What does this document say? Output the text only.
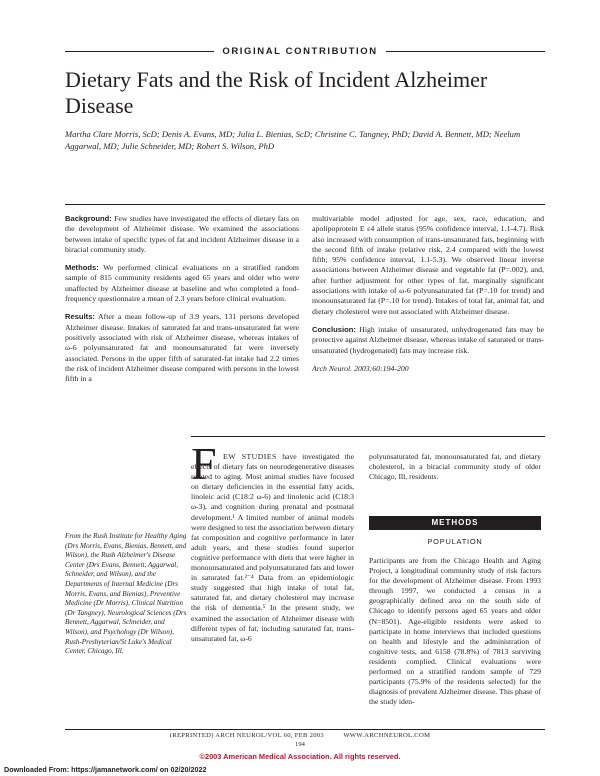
ORIGINAL CONTRIBUTION
Dietary Fats and the Risk of Incident Alzheimer Disease
Martha Clare Morris, ScD; Denis A. Evans, MD; Julia L. Bienias, ScD; Christine C. Tangney, PhD; David A. Bennett, MD; Neelum Aggarwal, MD; Julie Schneider, MD; Robert S. Wilson, PhD

Background: Few studies have investigated the effects of dietary fats on the development of Alzheimer disease. We examined the associations between intake of specific types of fat and incident Alzheimer disease in a biracial community study.

Methods: We performed clinical evaluations on a stratified random sample of 815 community residents aged 65 years and older who were unaffected by Alzheimer disease at baseline and who completed a food-frequency questionnaire a mean of 2.3 years before clinical evaluation.

Results: After a mean follow-up of 3.9 years, 131 persons developed Alzheimer disease. Intakes of saturated fat and trans-unsaturated fat were positively associated with risk of Alzheimer disease, whereas intakes of ω-6 polyunsaturated fat and monounsaturated fat were inversely associated. Persons in the upper fifth of saturated-fat intake had 2.2 times the risk of incident Alzheimer disease compared with persons in the lowest fifth in a

multivariable model adjusted for age, sex, race, education, and apolipoprotein E ε4 allele status (95% confidence interval, 1.1-4.7). Risk also increased with consumption of trans-unsaturated fats, beginning with the second fifth of intake (relative risk, 2.4 compared with the lowest fifth; 95% confidence interval, 1.1-5.3). We observed linear inverse associations between Alzheimer disease and vegetable fat (P=.002), and, after further adjustment for other types of fat, marginally significant associations with intake of ω-6 polyunsaturated fat (P=.10 for trend) and monounsaturated fat (P=.10 for trend). Intakes of total fat, animal fat, and dietary cholesterol were not associated with Alzheimer disease.

Conclusion: High intake of unsaturated, unhydrogenated fats may be protective against Alzheimer disease, whereas intake of saturated or trans-unsaturated (hydrogenated) fats may increase risk.

Arch Neurol. 2003;60:194-200

From the Rush Institute for Healthy Aging (Drs Morris, Evans, Bienias, Bennett, and Wilson), the Rush Alzheimer's Disease Center (Drs Evans, Bennett, Aggarwal, Schneider, and Wilson), and the Departments of Internal Medicine (Drs Morris, Evans, and Bienias), Preventive Medicine (Dr Morris), Clinical Nutrition (Dr Tangney), Neurological Sciences (Drs Bennett, Aggarwal, Schneider, and Wilson), and Psychology (Dr Wilson), Rush-Presbyterian/St Luke's Medical Center, Chicago, Ill.
F EW STUDIES have investigated the effects of dietary fats on neurodegenerative diseases related to aging. Most animal studies have focused on dietary deficiencies in the essential fatty acids, linoleic acid (C18:2 ω-6) and linolenic acid (C18:3 ω-3), and cognition during prenatal and postnatal development.¹ A limited number of animal models were designed to test the association between dietary fat composition and cognitive performance in later adult years, and these studies found superior cognitive performance with diets that were higher in monounsaturated and polyunsaturated fats and lower in saturated fat.²⁻⁴ Data from an epidemiologic study suggested that high intake of total fat, saturated fat, and dietary cholesterol may increase the risk of dementia.⁵ In the present study, we examined the association of Alzheimer disease with different types of fat, including saturated fat, trans-unsaturated fat, ω-6

polyunsaturated fat, monounsaturated fat, and dietary cholesterol, in a biracial community study of older Chicago, Ill, residents.

METHODS
POPULATION

Participants are from the Chicago Health and Aging Project, a longitudinal community study of risk factors for the development of Alzheimer disease. From 1993 through 1997, we conducted a census in a geographically defined area on the south side of Chicago to identify persons aged 65 years and older (N=8501). Age-eligible residents were asked to participate in home interviews that included questions on health and lifestyle and the administration of cognitive tests, and 6158 (78.8%) of 7813 surviving residents complied. Clinical evaluations were performed on a stratified random sample of 729 participants (75.9% of the residents selected) for the diagnosis of prevalent Alzheimer disease. This phase of the study iden-

(REPRINTED) ARCH NEUROL/VOL 60, FEB 2003          WWW.ARCHNEUROL.COM
194
©2003 American Medical Association. All rights reserved.
Downloaded From: https://jamanetwork.com/ on 02/20/2022
